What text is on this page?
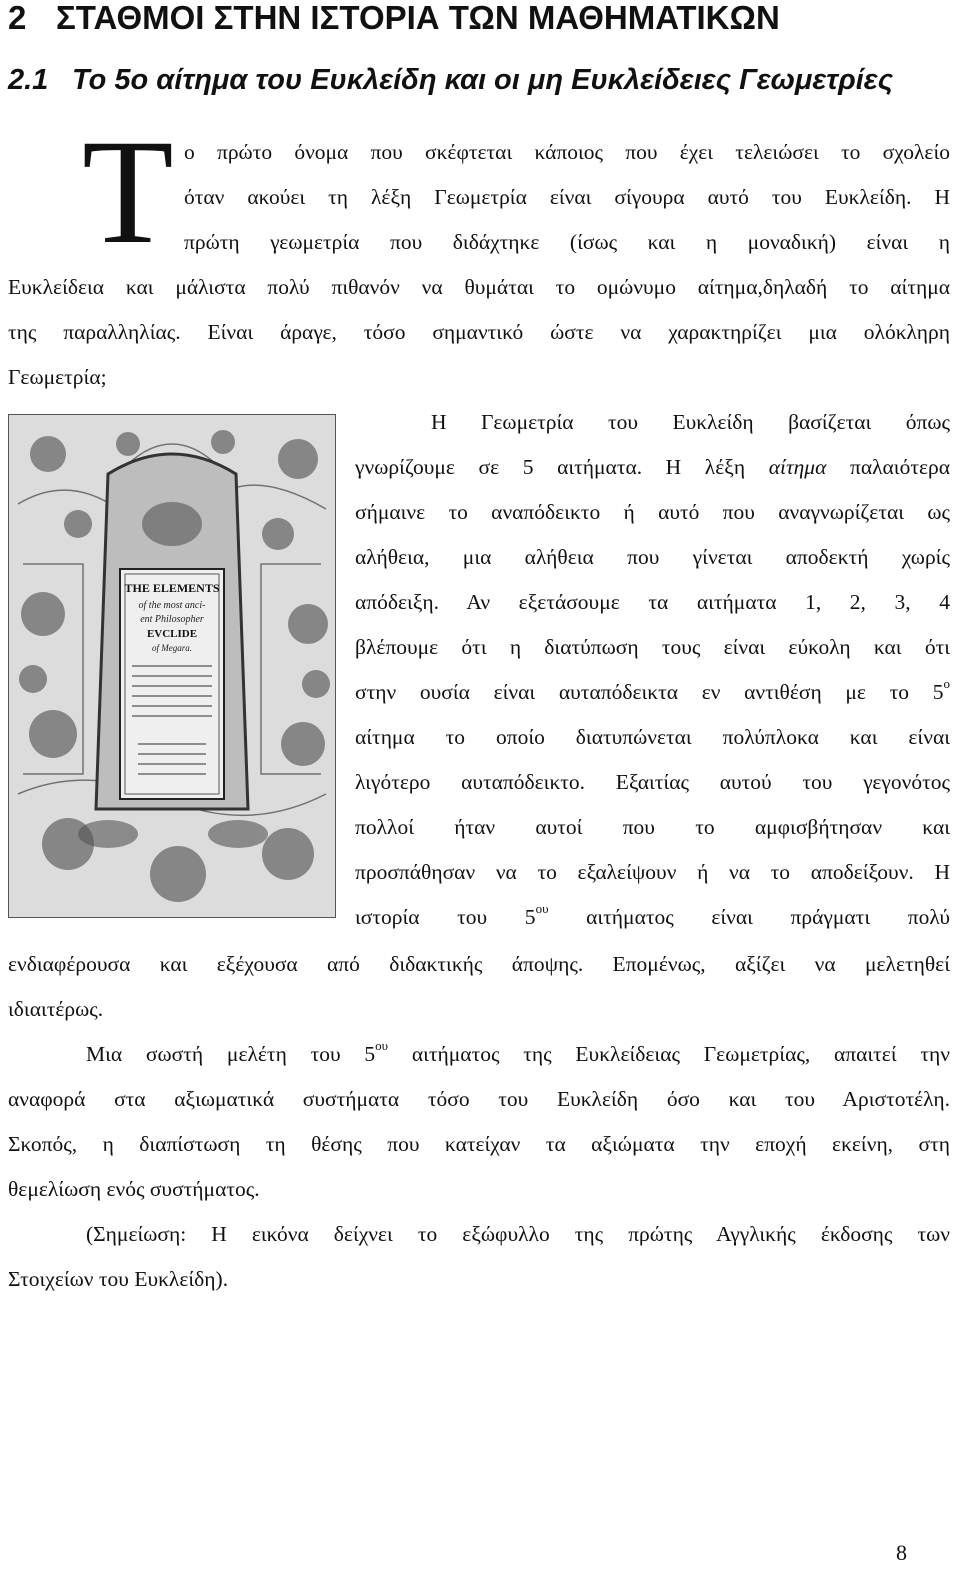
2 ΣΤΑΘΜΟΙ ΣΤΗΝ ΙΣΤΟΡΙΑ ΤΩΝ ΜΑΘΗΜΑΤΙΚΩΝ
2.1 Το 5ο αίτημα του Ευκλείδη και οι μη Ευκλείδειες Γεωμετρίες
Τ ο πρώτο όνομα που σκέφτεται κάποιος που έχει τελειώσει το σχολείο
όταν ακούει τη λέξη Γεωμετρία είναι σίγουρα αυτό του Ευκλείδη. Η
πρώτη γεωμετρία που διδάχτηκε (ίσως και η μοναδική) είναι η
Ευκλείδεια και μάλιστα πολύ πιθανόν να θυμάται το ομώνυμο αίτημα,δηλαδή το αίτημα
της παραλληλίας. Είναι άραγε, τόσο σημαντικό ώστε να χαρακτηρίζει μια ολόκληρη
Γεωμετρία;
THE ELEMENTS
of the most anci-
ent Philosopher
EVCLIDE
of Megara.
Η Γεωμετρία του Ευκλείδη βασίζεται όπως
γνωρίζουμε σε 5 αιτήματα. Η λέξη αίτημα παλαιότερα
σήμαινε το αναπόδεικτο ή αυτό που αναγνωρίζεται ως
αλήθεια, μια αλήθεια που γίνεται αποδεκτή χωρίς
απόδειξη. Αν εξετάσουμε τα αιτήματα 1, 2, 3, 4
βλέπουμε ότι η διατύπωση τους είναι εύκολη και ότι
στην ουσία είναι αυταπόδεικτα εν αντιθέση με το $5^o$
αίτημα το οποίο διατυπώνεται πολύπλοκα και είναι
λιγότερο αυταπόδεικτο. Εξαιτίας αυτού του γεγονότος
πολλοί ήταν αυτοί που το αμφισβήτησαν και
προσπάθησαν να το εξαλείψουν ή να το αποδείξουν. Η
ιστορία του $5^{o\upsilon}$ αιτήματος είναι πράγματι πολύ
ενδιαφέρουσα και εξέχουσα από διδακτικής άποψης. Επομένως, αξίζει να μελετηθεί
ιδιαιτέρως.
Μια σωστή μελέτη του $5^{o\upsilon}$ αιτήματος της Ευκλείδειας Γεωμετρίας, απαιτεί την
αναφορά στα αξιωματικά συστήματα τόσο του Ευκλείδη όσο και του Αριστοτέλη.
Σκοπός, η διαπίστωση τη θέσης που κατείχαν τα αξιώματα την εποχή εκείνη, στη
θεμελίωση ενός συστήματος.
(Σημείωση: Η εικόνα δείχνει το εξώφυλλο της πρώτης Αγγλικής έκδοσης των
Στοιχείων του Ευκλείδη).
8
